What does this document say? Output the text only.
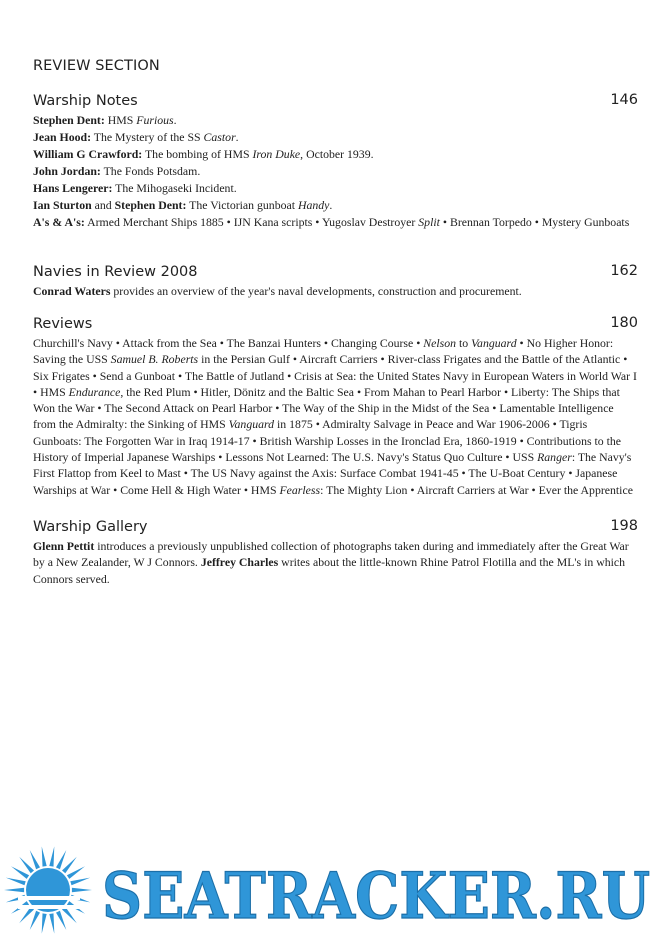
REVIEW SECTION
Warship Notes	146

Stephen Dent: HMS Furious.

Jean Hood: The Mystery of the SS Castor.

William G Crawford: The bombing of HMS Iron Duke, October 1939.

John Jordan: The Fonds Potsdam.

Hans Lengerer: The Mihogaseki Incident.

Ian Sturton and Stephen Dent: The Victorian gunboat Handy.

A's & A's: Armed Merchant Ships 1885 • IJN Kana scripts • Yugoslav Destroyer Split • Brennan Torpedo • Mystery Gunboats

Navies in Review 2008	162

Conrad Waters provides an overview of the year's naval developments, construction and procurement.

Reviews	180

Churchill's Navy • Attack from the Sea • The Banzai Hunters • Changing Course • Nelson to Vanguard • No Higher Honor: Saving the USS Samuel B. Roberts in the Persian Gulf • Aircraft Carriers • River-class Frigates and the Battle of the Atlantic • Six Frigates • Send a Gunboat • The Battle of Jutland • Crisis at Sea: the United States Navy in European Waters in World War I • HMS Endurance, the Red Plum • Hitler, Dönitz and the Baltic Sea • From Mahan to Pearl Harbor • Liberty: The Ships that Won the War • The Second Attack on Pearl Harbor • The Way of the Ship in the Midst of the Sea • Lamentable Intelligence from the Admiralty: the Sinking of HMS Vanguard in 1875 • Admiralty Salvage in Peace and War 1906-2006 • Tigris Gunboats: The Forgotten War in Iraq 1914-17 • British Warship Losses in the Ironclad Era, 1860-1919 • Contributions to the History of Imperial Japanese Warships • Lessons Not Learned: The U.S. Navy's Status Quo Culture • USS Ranger: The Navy's First Flattop from Keel to Mast • The US Navy against the Axis: Surface Combat 1941-45 • The U-Boat Century • Japanese Warships at War • Come Hell & High Water • HMS Fearless: The Mighty Lion • Aircraft Carriers at War • Ever the Apprentice

Warship Gallery	198

Glenn Pettit introduces a previously unpublished collection of photographs taken during and immediately after the Great War by a New Zealander, W J Connors. Jeffrey Charles writes about the little-known Rhine Patrol Flotilla and the ML's in which Connors served.

SEATRACKER.RU
